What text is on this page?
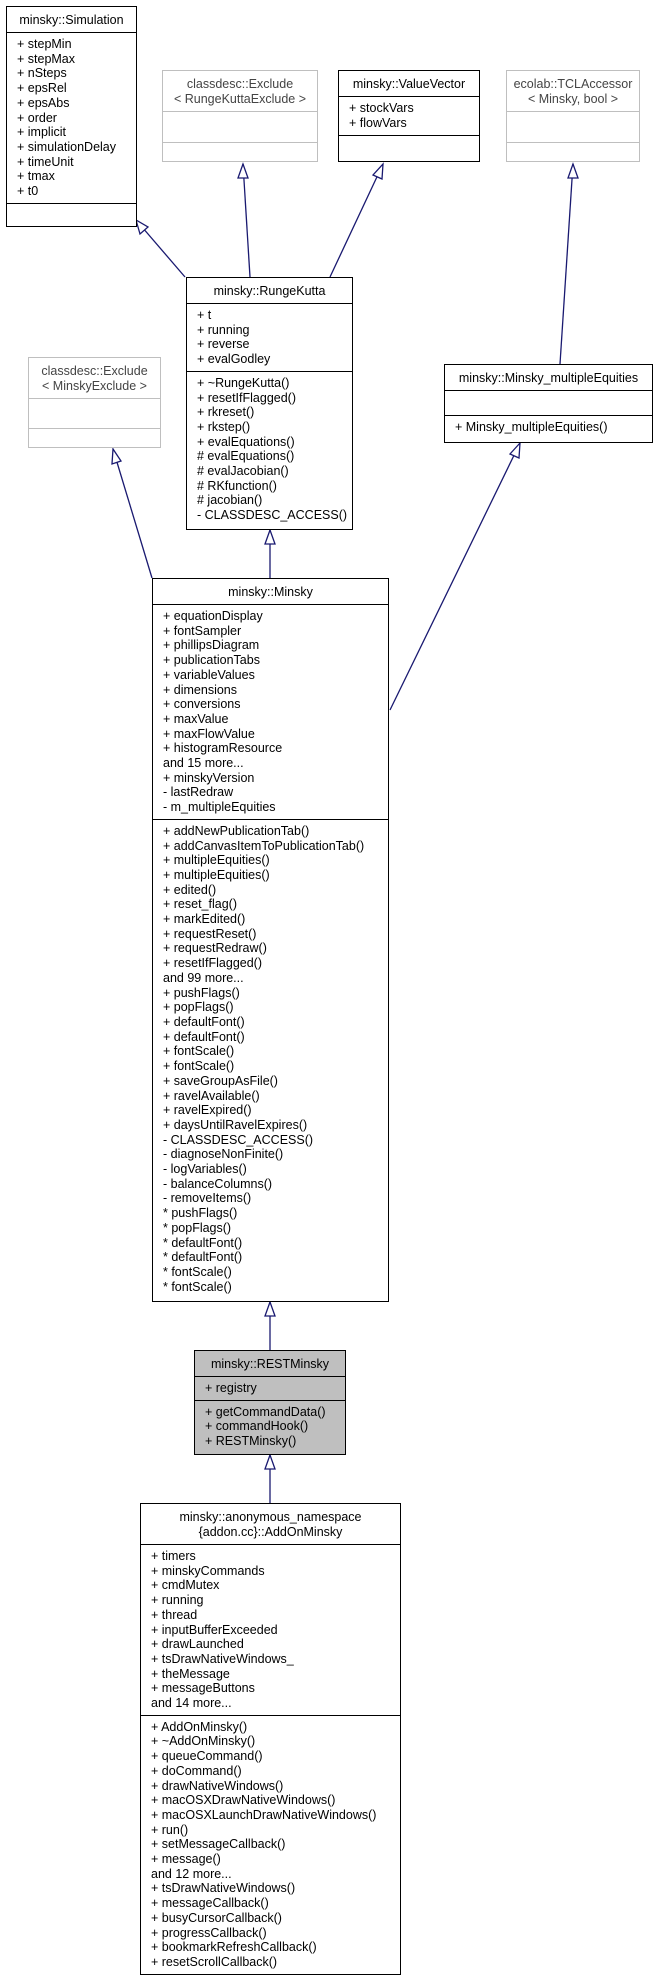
minsky::Simulation
+ stepMin
+ stepMax
+ nSteps
+ epsRel
+ epsAbs
+ order
+ implicit
+ simulationDelay
+ timeUnit
+ tmax
+ t0
classdesc::Exclude
< RungeKuttaExclude >
minsky::ValueVector
+ stockVars
+ flowVars
ecolab::TCLAccessor
< Minsky, bool >
minsky::RungeKutta
+ t
+ running
+ reverse
+ evalGodley
+ ~RungeKutta()
+ resetIfFlagged()
+ rkreset()
+ rkstep()
+ evalEquations()
# evalEquations()
# evalJacobian()
# RKfunction()
# jacobian()
- CLASSDESC_ACCESS()
classdesc::Exclude
< MinskyExclude >
minsky::Minsky_multipleEquities
+ Minsky_multipleEquities()
minsky::Minsky
+ equationDisplay
+ fontSampler
+ phillipsDiagram
+ publicationTabs
+ variableValues
+ dimensions
+ conversions
+ maxValue
+ maxFlowValue
+ histogramResource
and 15 more...
+ minskyVersion
- lastRedraw
- m_multipleEquities
+ addNewPublicationTab()
+ addCanvasItemToPublicationTab()
+ multipleEquities()
+ multipleEquities()
+ edited()
+ reset_flag()
+ markEdited()
+ requestReset()
+ requestRedraw()
+ resetIfFlagged()
and 99 more...
+ pushFlags()
+ popFlags()
+ defaultFont()
+ defaultFont()
+ fontScale()
+ fontScale()
+ saveGroupAsFile()
+ ravelAvailable()
+ ravelExpired()
+ daysUntilRavelExpires()
- CLASSDESC_ACCESS()
- diagnoseNonFinite()
- logVariables()
- balanceColumns()
- removeItems()
* pushFlags()
* popFlags()
* defaultFont()
* defaultFont()
* fontScale()
* fontScale()
minsky::RESTMinsky
+ registry
+ getCommandData()
+ commandHook()
+ RESTMinsky()
minsky::anonymous_namespace
{addon.cc}::AddOnMinsky
+ timers
+ minskyCommands
+ cmdMutex
+ running
+ thread
+ inputBufferExceeded
+ drawLaunched
+ tsDrawNativeWindows_
+ theMessage
+ messageButtons
and 14 more...
+ AddOnMinsky()
+ ~AddOnMinsky()
+ queueCommand()
+ doCommand()
+ drawNativeWindows()
+ macOSXDrawNativeWindows()
+ macOSXLaunchDrawNativeWindows()
+ run()
+ setMessageCallback()
+ message()
and 12 more...
+ tsDrawNativeWindows()
+ messageCallback()
+ busyCursorCallback()
+ progressCallback()
+ bookmarkRefreshCallback()
+ resetScrollCallback()
